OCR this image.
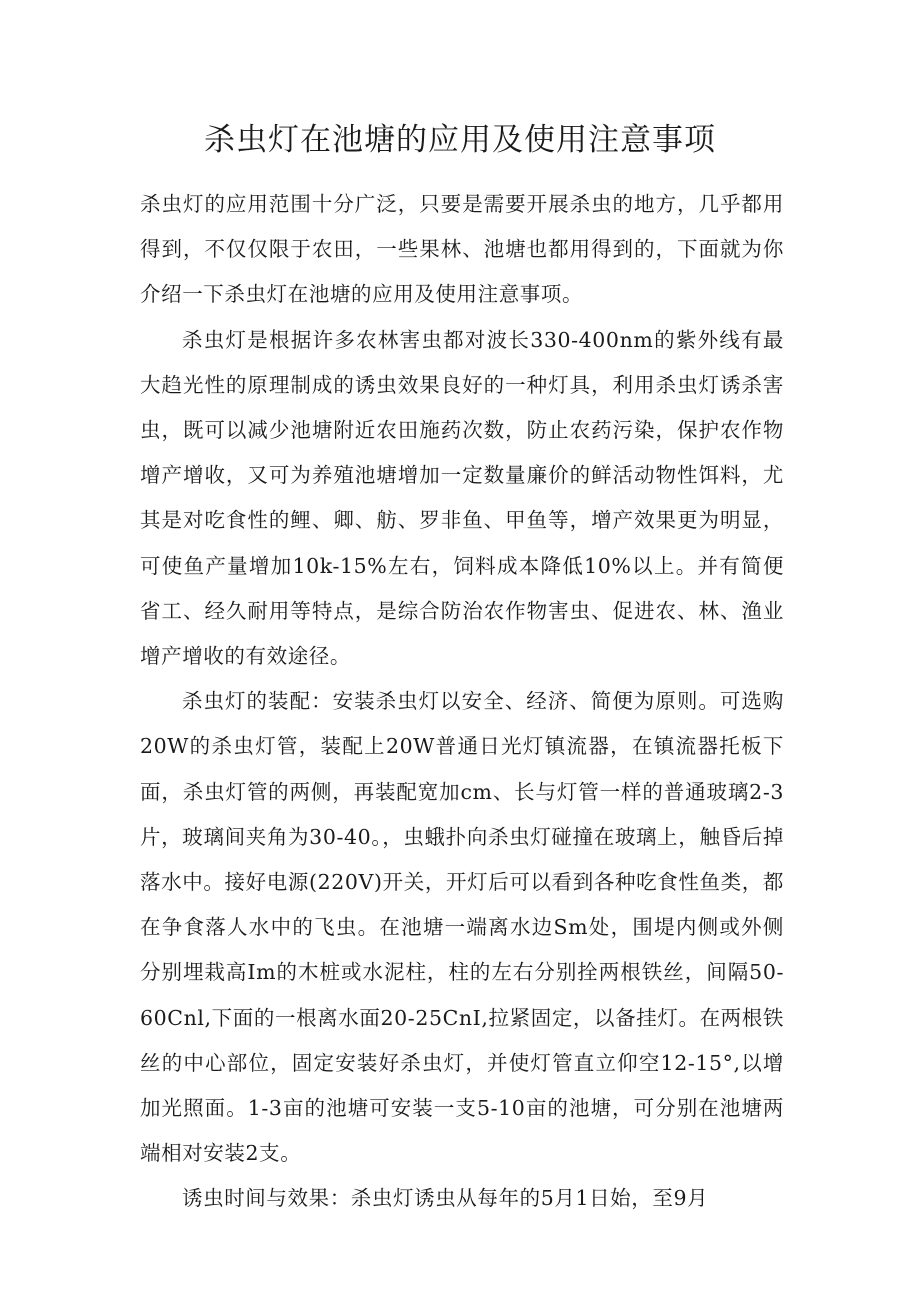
杀虫灯在池塘的应用及使用注意事项

杀虫灯的应用范围十分广泛，只要是需要开展杀虫的地方，几乎都用得到，不仅仅限于农田，一些果林、池塘也都用得到的，下面就为你介绍一下杀虫灯在池塘的应用及使用注意事项。

杀虫灯是根据许多农林害虫都对波长330-400nm的紫外线有最大趋光性的原理制成的诱虫效果良好的一种灯具，利用杀虫灯诱杀害虫，既可以减少池塘附近农田施药次数，防止农药污染，保护农作物增产增收，又可为养殖池塘增加一定数量廉价的鲜活动物性饵料，尤其是对吃食性的鲤、卿、舫、罗非鱼、甲鱼等，增产效果更为明显，可使鱼产量增加10k-15%左右，饲料成本降低10%以上。并有简便省工、经久耐用等特点，是综合防治农作物害虫、促进农、林、渔业增产增收的有效途径。

杀虫灯的装配：安装杀虫灯以安全、经济、简便为原则。可选购20W的杀虫灯管，装配上20W普通日光灯镇流器，在镇流器托板下面，杀虫灯管的两侧，再装配宽加cm、长与灯管一样的普通玻璃2-3片，玻璃间夹角为30-40。，虫蛾扑向杀虫灯碰撞在玻璃上，触昏后掉落水中。接好电源(220V)开关，开灯后可以看到各种吃食性鱼类，都在争食落人水中的飞虫。在池塘一端离水边Sm处，围堤内侧或外侧分别埋栽高Im的木桩或水泥柱，柱的左右分别拴两根铁丝，间隔50-60Cnl,下面的一根离水面20-25CnI,拉紧固定，以备挂灯。在两根铁丝的中心部位，固定安装好杀虫灯，并使灯管直立仰空12-15°,以增加光照面。1-3亩的池塘可安装一支5-10亩的池塘，可分别在池塘两端相对安装2支。

诱虫时间与效果：杀虫灯诱虫从每年的5月1日始，至9月
